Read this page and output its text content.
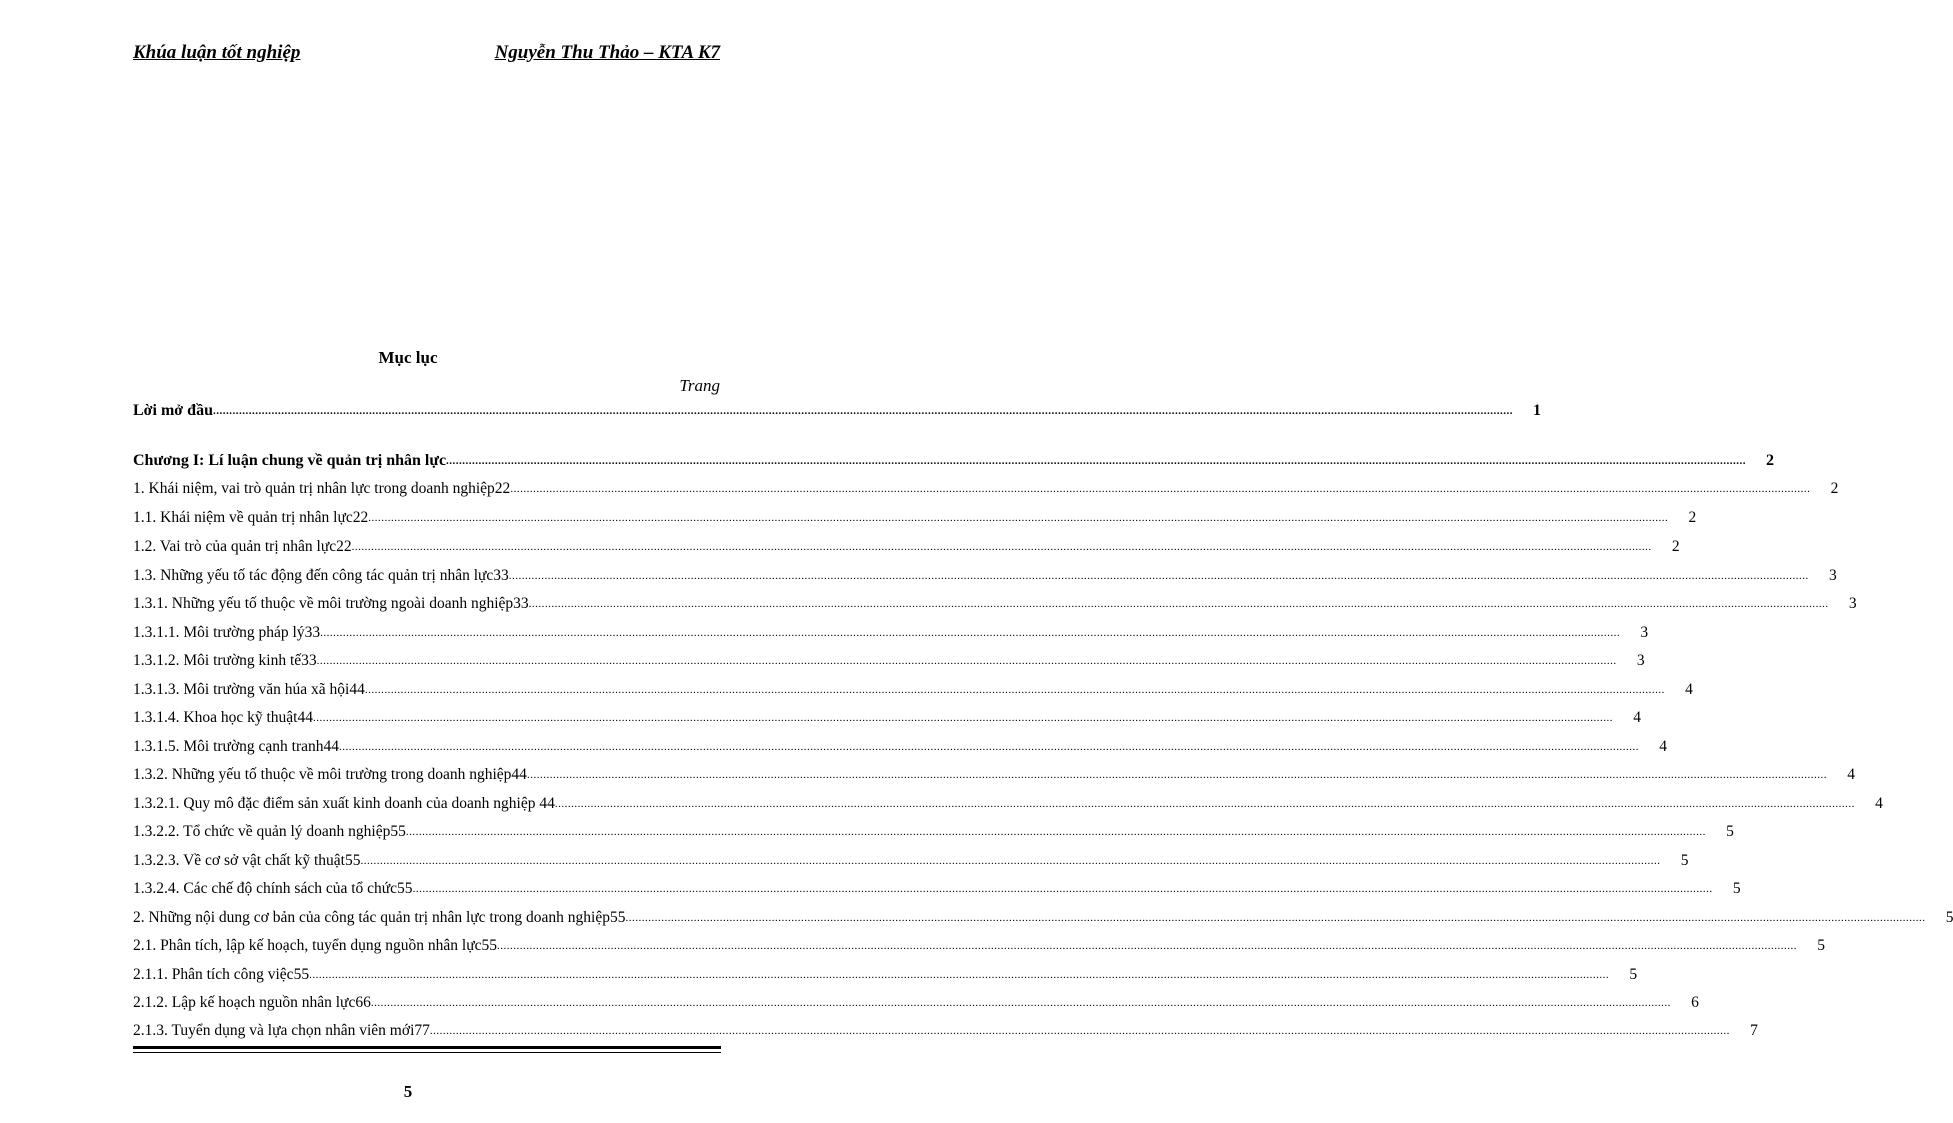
Khúa luận tốt nghiệp	Nguyễn Thu Thảo – KTA K7
Mục lục
Trang
Lời mở đầu ................................................................................................................................................................................................................................................................................................................................................................................................................	1
Chương I: Lí luận chung về quản trị nhân lực ................................................................................................................................................................................................................................................................................................................................................................................................................	2
1. Khái niệm, vai trò quản trị nhân lực trong doanh nghiệp22 ................................................................................................................................................................................................................................................................................................................................................................................................................	2
1.1. Khái niệm về quản trị nhân lực22 ................................................................................................................................................................................................................................................................................................................................................................................................................	2
1.2. Vai trò của quản trị nhân lực22 ................................................................................................................................................................................................................................................................................................................................................................................................................	2
1.3. Những yếu tố tác động đến công tác quản trị nhân lực33 ................................................................................................................................................................................................................................................................................................................................................................................................................	3
1.3.1. Những yếu tố thuộc về môi trường ngoài doanh nghiệp33 ................................................................................................................................................................................................................................................................................................................................................................................................................	3
1.3.1.1. Môi trường pháp lý33 ................................................................................................................................................................................................................................................................................................................................................................................................................	3
1.3.1.2. Môi trường kinh tế33 ................................................................................................................................................................................................................................................................................................................................................................................................................	3
1.3.1.3. Môi trường văn húa xã hội44 ................................................................................................................................................................................................................................................................................................................................................................................................................	4
1.3.1.4. Khoa học kỹ thuật44 ................................................................................................................................................................................................................................................................................................................................................................................................................	4
1.3.1.5. Môi trường cạnh tranh44 ................................................................................................................................................................................................................................................................................................................................................................................................................	4
1.3.2. Những yếu tố thuộc về môi trường trong doanh nghiệp44 ................................................................................................................................................................................................................................................................................................................................................................................................................	4
1.3.2.1. Quy mô đặc điểm sản xuất kinh doanh của doanh nghiệp 44 ................................................................................................................................................................................................................................................................................................................................................................................................................	4
1.3.2.2. Tổ chức về quản lý doanh nghiệp55 ................................................................................................................................................................................................................................................................................................................................................................................................................	5
1.3.2.3. Về cơ sở vật chất kỹ thuật55 ................................................................................................................................................................................................................................................................................................................................................................................................................	5
1.3.2.4. Các chế độ chính sách của tổ chức55 ................................................................................................................................................................................................................................................................................................................................................................................................................	5
2. Những nội dung cơ bản của công tác quản trị nhân lực trong doanh nghiệp55 ................................................................................................................................................................................................................................................................................................................................................................................................................	5
2.1. Phân tích, lập kế hoạch, tuyển dụng nguồn nhân lực55 ................................................................................................................................................................................................................................................................................................................................................................................................................	5
2.1.1. Phân tích công việc55 ................................................................................................................................................................................................................................................................................................................................................................................................................	5
2.1.2. Lập kế hoạch nguồn nhân lực66 ................................................................................................................................................................................................................................................................................................................................................................................................................	6
2.1.3. Tuyển dụng và lựa chọn nhân viên mới77 ................................................................................................................................................................................................................................................................................................................................................................................................................	7
5
